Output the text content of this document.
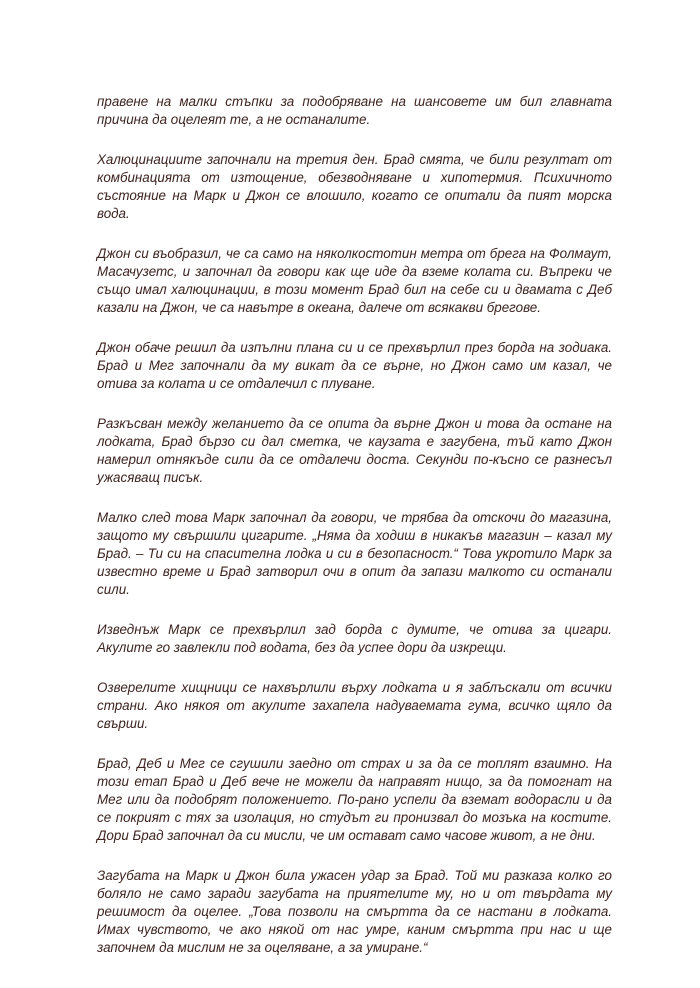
правене на малки стъпки за подобряване на шансовете им бил главната причина да оцелеят те, а не останалите.

Халюцинациите започнали на третия ден. Брад смята, че били резултат от комбинацията от изтощение, обезводняване и хипотермия. Психичното състояние на Марк и Джон се влошило, когато се опитали да пият морска вода.

Джон си въобразил, че са само на няколкостотин метра от брега на Фолмаут, Масачузетс, и започнал да говори как ще иде да вземе колата си. Въпреки че също имал халюцинации, в този момент Брад бил на себе си и двамата с Деб казали на Джон, че са навътре в океана, далече от всякакви брегове.

Джон обаче решил да изпълни плана си и се прехвърлил през борда на зодиака. Брад и Мег започнали да му викат да се върне, но Джон само им казал, че отива за колата и се отдалечил с плуване.

Разкъсван между желанието да се опита да върне Джон и това да остане на лодката, Брад бързо си дал сметка, че каузата е загубена, тъй като Джон намерил отнякъде сили да се отдалечи доста. Секунди по-късно се разнесъл ужасяващ писък.

Малко след това Марк започнал да говори, че трябва да отскочи до магазина, защото му свършили цигарите. „Няма да ходиш в никакъв магазин – казал му Брад. – Ти си на спасителна лодка и си в безопасност.“ Това укротило Марк за известно време и Брад затворил очи в опит да запази малкото си останали сили.

Изведнъж Марк се прехвърлил зад борда с думите, че отива за цигари. Акулите го завлекли под водата, без да успее дори да изкрещи.

Озверелите хищници се нахвърлили върху лодката и я заблъскали от всички страни. Ако някоя от акулите захапела надуваемата гума, всичко щяло да свърши.

Брад, Деб и Мег се сгушили заедно от страх и за да се топлят взаимно. На този етап Брад и Деб вече не можели да направят нищо, за да помогнат на Мег или да подобрят положението. По-рано успели да вземат водорасли и да се покрият с тях за изолация, но студът ги пронизвал до мозъка на костите. Дори Брад започнал да си мисли, че им остават само часове живот, а не дни.

Загубата на Марк и Джон била ужасен удар за Брад. Той ми разказа колко го боляло не само заради загубата на приятелите му, но и от твърдата му решимост да оцелее. „Това позволи на смъртта да се настани в лодката. Имах чувството, че ако някой от нас умре, каним смъртта при нас и ще започнем да мислим не за оцеляване, а за умиране.“
